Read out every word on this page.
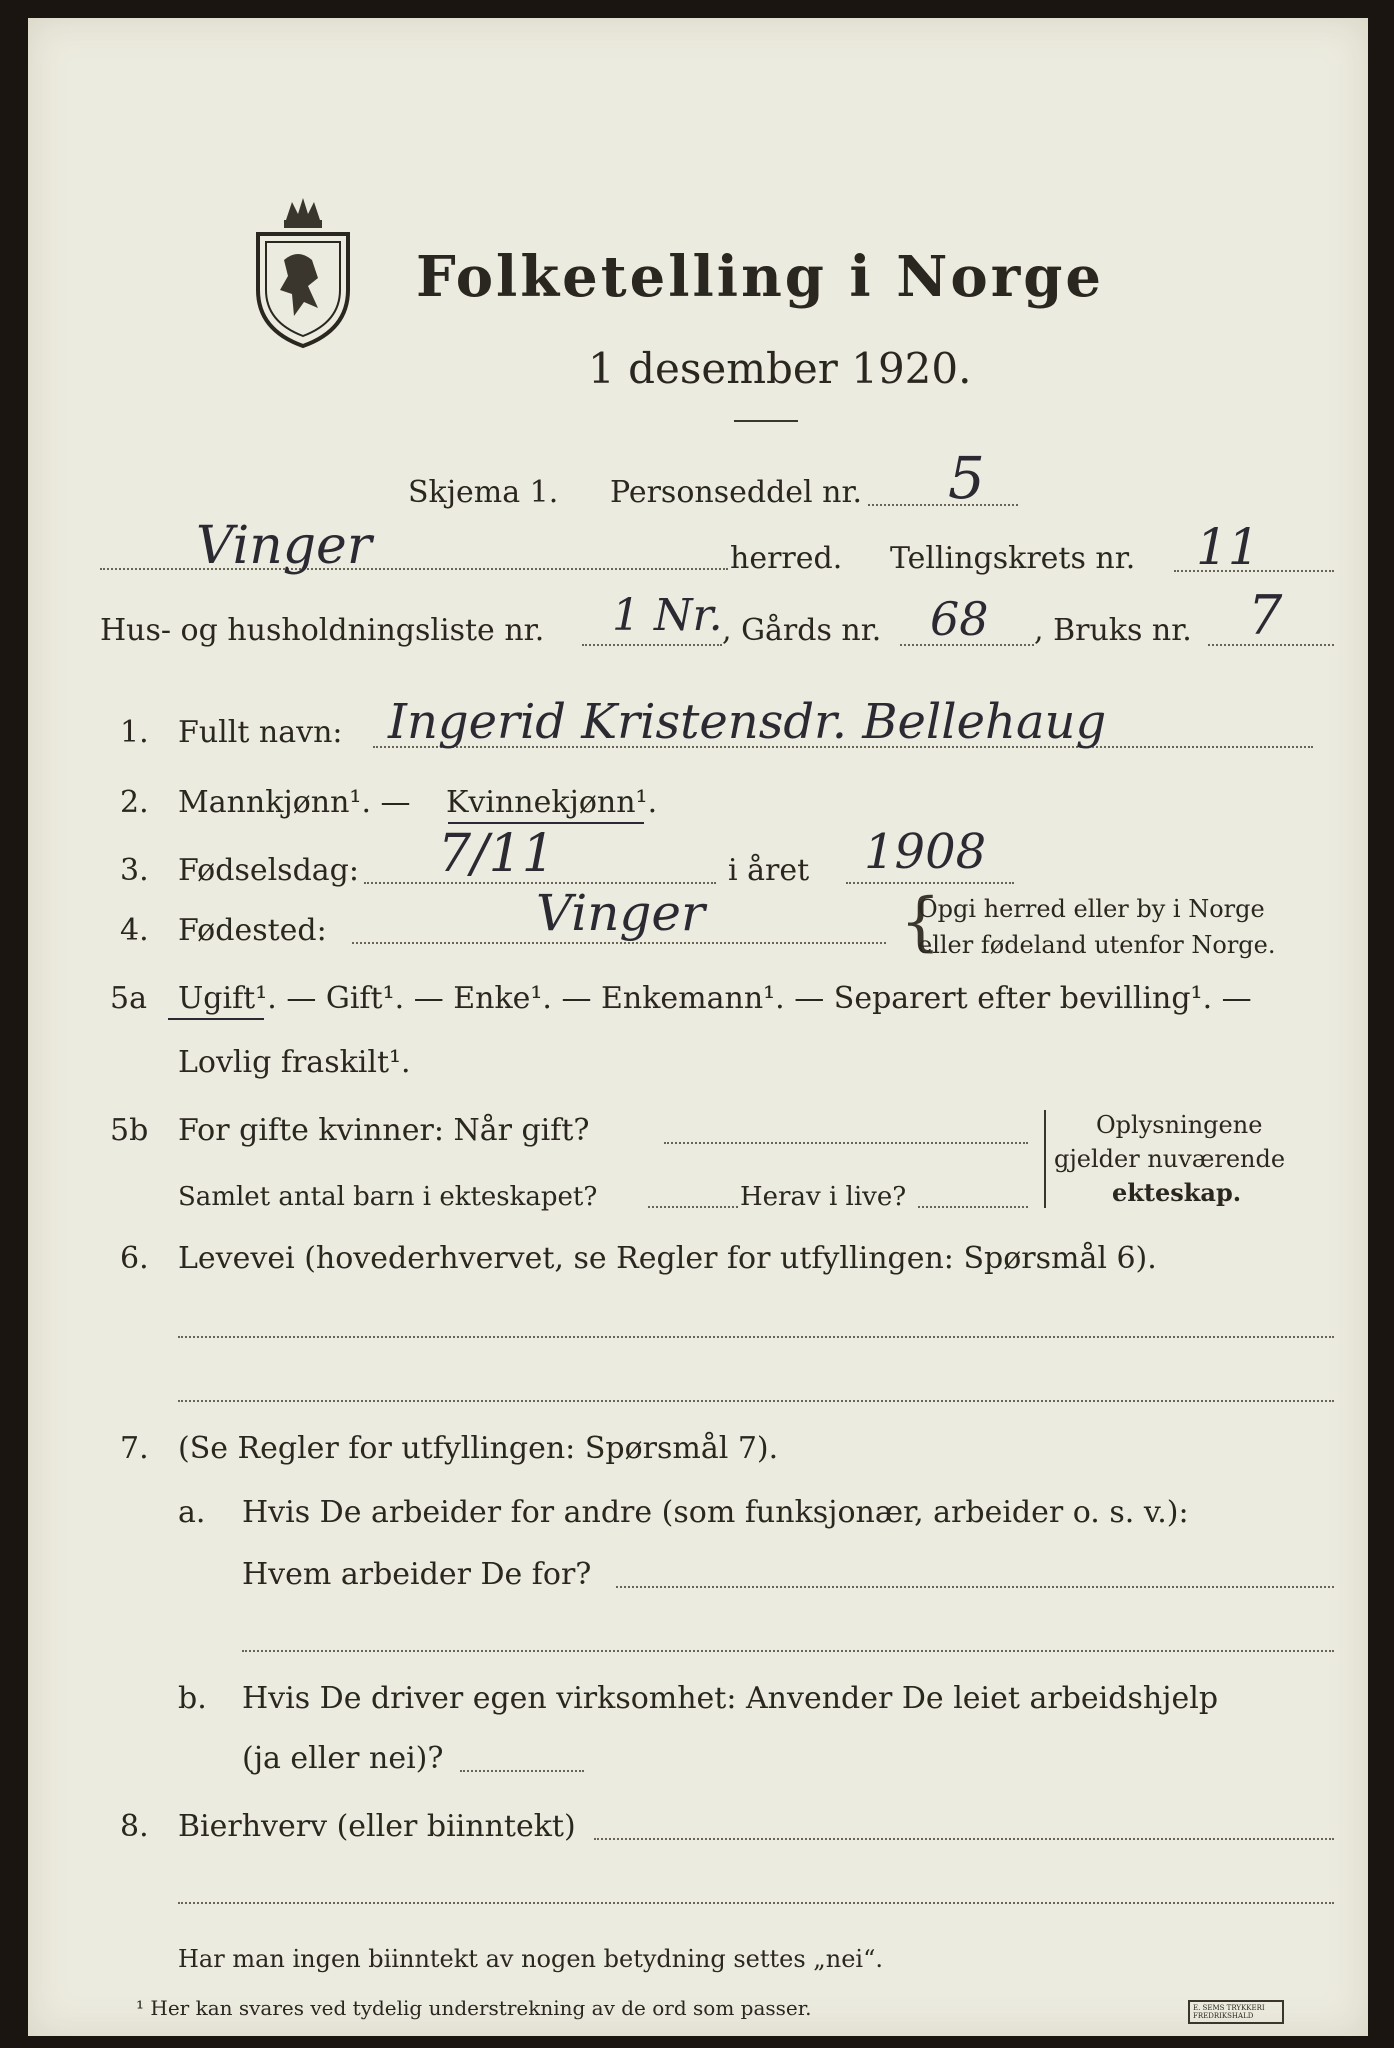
Folketelling i Norge
1 desember 1920.
Skjema 1. Personseddel nr. 5
Vinger	herred. Tellingskrets nr. 11
Hus- og husholdningsliste nr. 1 Nr. , Gårds nr. 68 , Bruks nr. 7
1. Fullt navn: Ingerid Kristensdr. Bellehaug
2. Mannkjønn¹. — Kvinnekjønn¹.
3. Fødselsdag: 7/11	i året 1908
4. Fødested:	Vinger	{
Opgi herred eller by i Norge
eller fødeland utenfor Norge.
5a Ugift¹. — Gift¹. — Enke¹. — Enkemann¹. — Separert efter bevilling¹. —
Lovlig fraskilt¹.
5b For gifte kvinner: Når gift?
Samlet antal barn i ekteskapet?	Herav i live?
Oplysningene
gjelder nuværende
ekteskap.
6. Levevei (hovederhvervet, se Regler for utfyllingen: Spørsmål 6).
7. (Se Regler for utfyllingen: Spørsmål 7).
a. Hvis De arbeider for andre (som funksjonær, arbeider o. s. v.):
Hvem arbeider De for?
b. Hvis De driver egen virksomhet: Anvender De leiet arbeidshjelp
(ja eller nei)?
8. Bierhverv (eller biinntekt)
Har man ingen biinntekt av nogen betydning settes „nei“.
¹ Her kan svares ved tydelig understrekning av de ord som passer.	E. SEMS TRYKKERI FREDRIKSHALD
